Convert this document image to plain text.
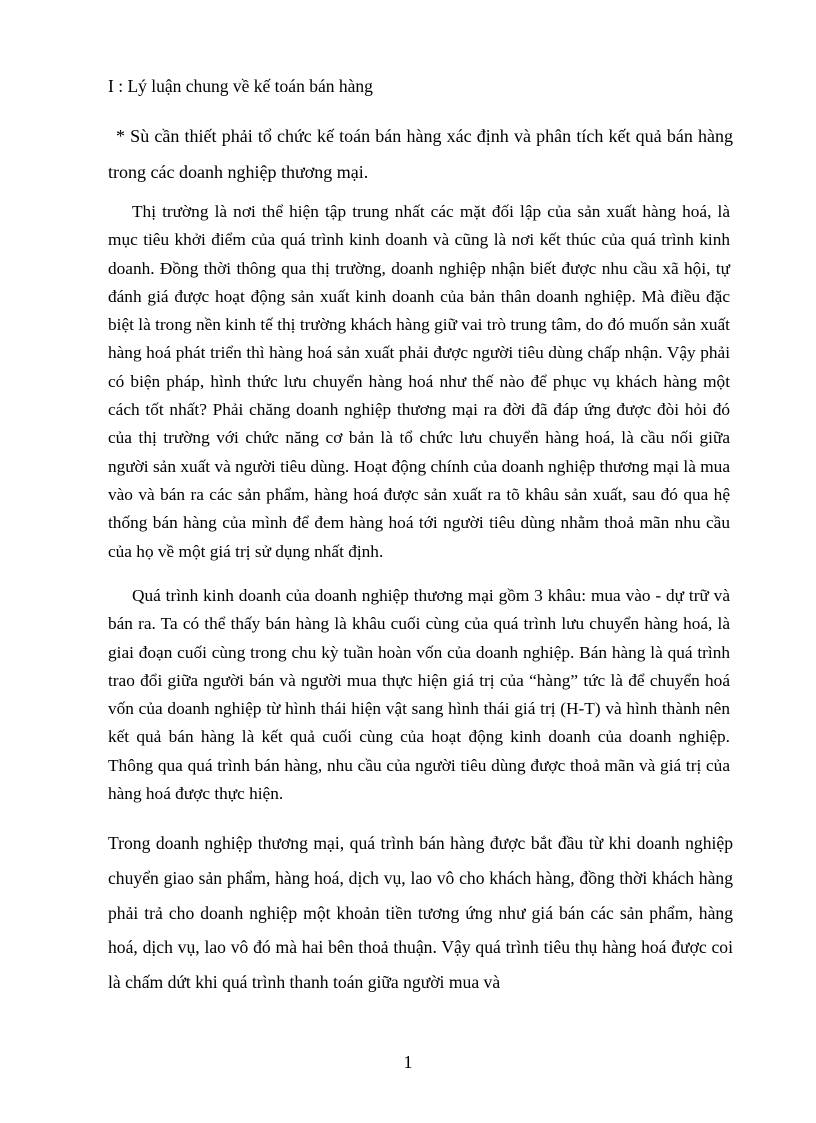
I : Lý luận chung về kế toán bán hàng
* Sù cần thiết phải tổ chức kế toán bán hàng xác định và phân tích kết quả bán hàng trong các doanh nghiệp thương mại.
Thị trường là nơi thể hiện tập trung nhất các mặt đối lập của sản xuất hàng hoá, là mục tiêu khởi điểm của quá trình kinh doanh và cũng là nơi kết thúc của quá trình kinh doanh. Đồng thời thông qua thị trường, doanh nghiệp nhận biết được nhu cầu xã hội, tự đánh giá được hoạt động sản xuất kinh doanh của bản thân doanh nghiệp. Mà điều đặc biệt là trong nền kinh tế thị trường khách hàng giữ vai trò trung tâm, do đó muốn sản xuất hàng hoá phát triển thì hàng hoá sản xuất phải được người tiêu dùng chấp nhận. Vậy phải có biện pháp, hình thức lưu chuyển hàng hoá như thế nào để phục vụ khách hàng một cách tốt nhất? Phải chăng doanh nghiệp thương mại ra đời đã đáp ứng được đòi hỏi đó của thị trường với chức năng cơ bản là tổ chức lưu chuyển hàng hoá, là cầu nối giữa người sản xuất và người tiêu dùng. Hoạt động chính của doanh nghiệp thương mại là mua vào và bán ra các sản phẩm, hàng hoá được sản xuất ra tõ khâu sản xuất, sau đó qua hệ thống bán hàng của mình để đem hàng hoá tới người tiêu dùng nhằm thoả mãn nhu cầu của họ về một giá trị sử dụng nhất định.
Quá trình kinh doanh của doanh nghiệp thương mại gồm 3 khâu: mua vào - dự trữ và bán ra. Ta có thể thấy bán hàng là khâu cuối cùng của quá trình lưu chuyển hàng hoá, là giai đoạn cuối cùng trong chu kỳ tuần hoàn vốn của doanh nghiệp. Bán hàng là quá trình trao đổi giữa người bán và người mua thực hiện giá trị của “hàng” tức là để chuyển hoá vốn của doanh nghiệp từ hình thái hiện vật sang hình thái giá trị (H-T) và hình thành nên kết quả bán hàng là kết quả cuối cùng của hoạt động kinh doanh của doanh nghiệp. Thông qua quá trình bán hàng, nhu cầu của người tiêu dùng được thoả mãn và giá trị của hàng hoá được thực hiện.
Trong doanh nghiệp thương mại, quá trình bán hàng được bắt đầu từ khi doanh nghiệp chuyển giao sản phẩm, hàng hoá, dịch vụ, lao vô cho khách hàng, đồng thời khách hàng phải trả cho doanh nghiệp một khoản tiền tương ứng như giá bán các sản phẩm, hàng hoá, dịch vụ, lao vô đó mà hai bên thoả thuận. Vậy quá trình tiêu thụ hàng hoá được coi là chấm dứt khi quá trình thanh toán giữa người mua và
1
